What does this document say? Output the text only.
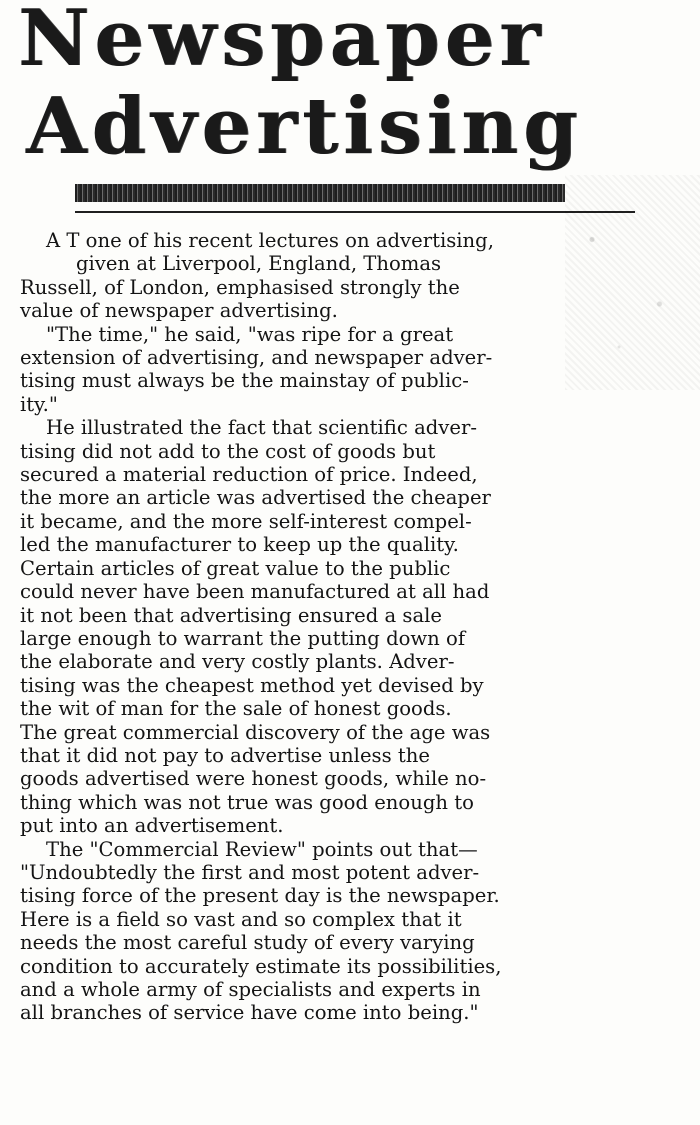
Newspaper
Advertising

A T one of his recent lectures on advertising,
given at Liverpool, England, Thomas
Russell, of London, emphasised strongly the
value of newspaper advertising.

"The time," he said, "was ripe for a great
extension of advertising, and newspaper adver-
tising must always be the mainstay of public-
ity."

He illustrated the fact that scientific adver-
tising did not add to the cost of goods but
secured a material reduction of price. Indeed,
the more an article was advertised the cheaper
it became, and the more self-interest compel-
led the manufacturer to keep up the quality.
Certain articles of great value to the public
could never have been manufactured at all had
it not been that advertising ensured a sale
large enough to warrant the putting down of
the elaborate and very costly plants. Adver-
tising was the cheapest method yet devised by
the wit of man for the sale of honest goods.
The great commercial discovery of the age was
that it did not pay to advertise unless the
goods advertised were honest goods, while no-
thing which was not true was good enough to
put into an advertisement.

The "Commercial Review" points out that—
"Undoubtedly the first and most potent adver-
tising force of the present day is the newspaper.
Here is a field so vast and so complex that it
needs the most careful study of every varying
condition to accurately estimate its possibilities,
and a whole army of specialists and experts in
all branches of service have come into being."
